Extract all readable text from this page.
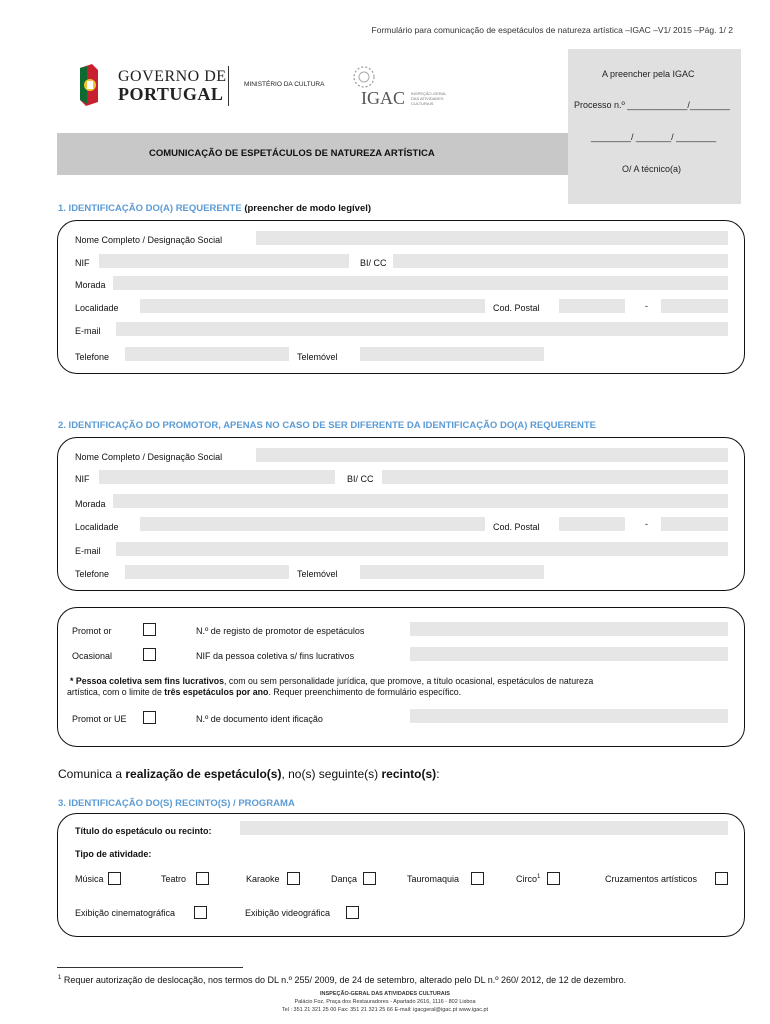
Formulário para comunicação de espetáculos de natureza artística –IGAC –V1/ 2015 –Pág. 1/ 2
GOVERNO DE
PORTUGAL	MINISTÉRIO DA CULTURA
IGAC INSPEÇÃO-GERAL DAS ATIVIDADES CULTURAIS
A preencher pela IGAC
Processo n.º ____________/________
________/ _______/ ________
O/ A técnico(a)
COMUNICAÇÃO DE ESPETÁCULOS DE NATUREZA ARTÍSTICA
1. IDENTIFICAÇÃO DO(A) REQUERENTE (preencher de modo legível)
Nome Completo / Designação Social
NIF	BI/ CC
Morada
Localidade	Cod. Postal	-
E-mail
Telefone	Telemóvel
2. IDENTIFICAÇÃO DO PROMOTOR, APENAS NO CASO DE SER DIFERENTE DA IDENTIFICAÇÃO DO(A) REQUERENTE
Nome Completo / Designação Social
NIF	BI/ CC
Morada
Localidade	Cod. Postal	-
E-mail
Telefone	Telemóvel
Promot or	N.º de registo de promotor de espetáculos
Ocasional	NIF da pessoa coletiva s/ fins lucrativos
* Pessoa coletiva sem fins lucrativos, com ou sem personalidade jurídica, que promove, a título ocasional, espetáculos de natureza
artística, com o limite de três espetáculos por ano. Requer preenchimento de formulário específico.
Promot or UE	N.º de documento ident ificação
Comunica a realização de espetáculo(s), no(s) seguinte(s) recinto(s):
3. IDENTIFICAÇÃO DO(S) RECINTO(S) / PROGRAMA
Título do espetáculo ou recinto:
Tipo de atividade:
Música	Teatro	Karaoke	Dança	Tauromaquia	Circo$^1$	Cruzamentos artísticos
Exibição cinematográfica	Exibição videográfica
$^1$ Requer autorização de deslocação, nos termos do DL n.º 255/ 2009, de 24 de setembro, alterado pelo DL n.º 260/ 2012, de 12 de dezembro.
INSPEÇÃO-GERAL DAS ATIVIDADES CULTURAIS
Palácio Foz, Praça dos Restauradores - Apartado 2616, 1116 - 802 Lisboa
Tel : 351 21 321 25 00 Fax: 351 21 321 25 66 E-mail: igacgeral@igac.pt www.igac.pt
